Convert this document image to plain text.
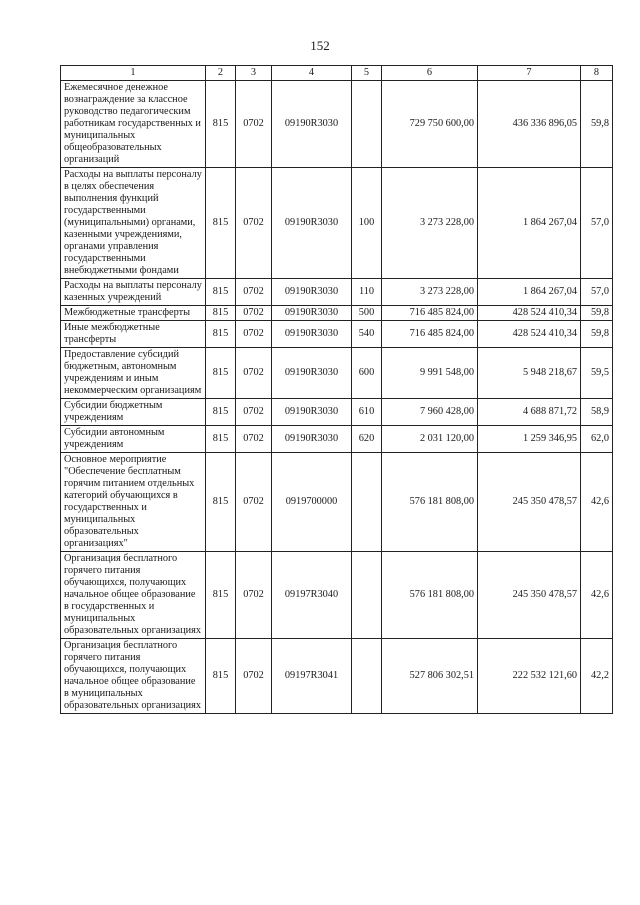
152
1	2	3	4	5	6	7	8
Ежемесячное денежное вознаграждение за классное руководство педагогическим работникам государственных и муниципальных общеобразовательных организаций	815	0702	09190R3030		729 750 600,00	436 336 896,05	59,8
Расходы на выплаты персоналу в целях обеспечения выполнения функций государственными (муниципальными) органами, казенными учреждениями, органами управления государственными внебюджетными фондами	815	0702	09190R3030	100	3 273 228,00	1 864 267,04	57,0
Расходы на выплаты персоналу казенных учреждений	815	0702	09190R3030	110	3 273 228,00	1 864 267,04	57,0
Межбюджетные трансферты	815	0702	09190R3030	500	716 485 824,00	428 524 410,34	59,8
Иные межбюджетные трансферты	815	0702	09190R3030	540	716 485 824,00	428 524 410,34	59,8
Предоставление субсидий бюджетным, автономным учреждениям и иным некоммерческим организациям	815	0702	09190R3030	600	9 991 548,00	5 948 218,67	59,5
Субсидии бюджетным учреждениям	815	0702	09190R3030	610	7 960 428,00	4 688 871,72	58,9
Субсидии автономным учреждениям	815	0702	09190R3030	620	2 031 120,00	1 259 346,95	62,0
Основное мероприятие "Обеспечение бесплатным горячим питанием отдельных категорий обучающихся в государственных и муниципальных образовательных организациях"	815	0702	0919700000		576 181 808,00	245 350 478,57	42,6
Организация бесплатного горячего питания обучающихся, получающих начальное общее образование в государственных и муниципальных образовательных организациях	815	0702	09197R3040		576 181 808,00	245 350 478,57	42,6
Организация бесплатного горячего питания обучающихся, получающих начальное общее образование в муниципальных образовательных организациях	815	0702	09197R3041		527 806 302,51	222 532 121,60	42,2
